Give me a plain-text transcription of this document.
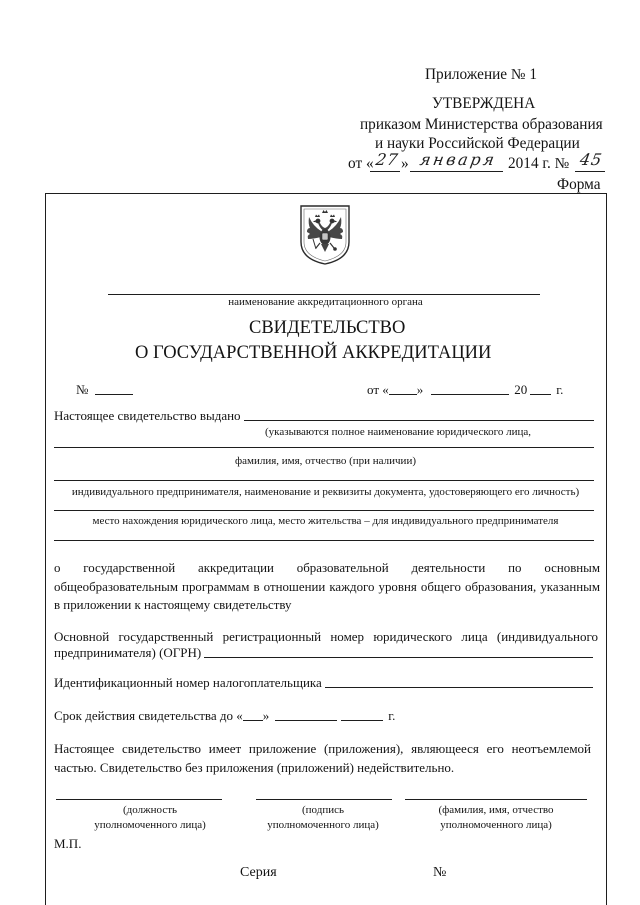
Приложение № 1
УТВЕРЖДЕНА
приказом Министерства образования
и науки Российской Федерации
от « 27 » января 2014 г. № 45
Форма
наименование аккредитационного органа
СВИДЕТЕЛЬСТВО
О ГОСУДАРСТВЕННОЙ АККРЕДИТАЦИИ
№	от « »	20 г.
Настоящее свидетельство выдано
(указываются полное наименование юридического лица,
фамилия, имя, отчество (при наличии)
индивидуального предпринимателя, наименование и реквизиты документа, удостоверяющего его личность)
место нахождения юридического лица, место жительства – для индивидуального предпринимателя
о государственной аккредитации образовательной деятельности по основным
общеобразовательным программам в отношении каждого уровня общего образования, указанным
в приложении к настоящему свидетельству
Основной государственный регистрационный номер юридического лица (индивидуального
предпринимателя) (ОГРН)
Идентификационный номер налогоплательщика
Срок действия свидетельства до « »	г.
Настоящее свидетельство имеет приложение (приложения), являющееся его неотъемлемой
частью. Свидетельство без приложения (приложений) недействительно.
(должность
уполномоченного лица)
(подпись
уполномоченного лица)
(фамилия, имя, отчество
уполномоченного лица)
М.П.
Серия	№
